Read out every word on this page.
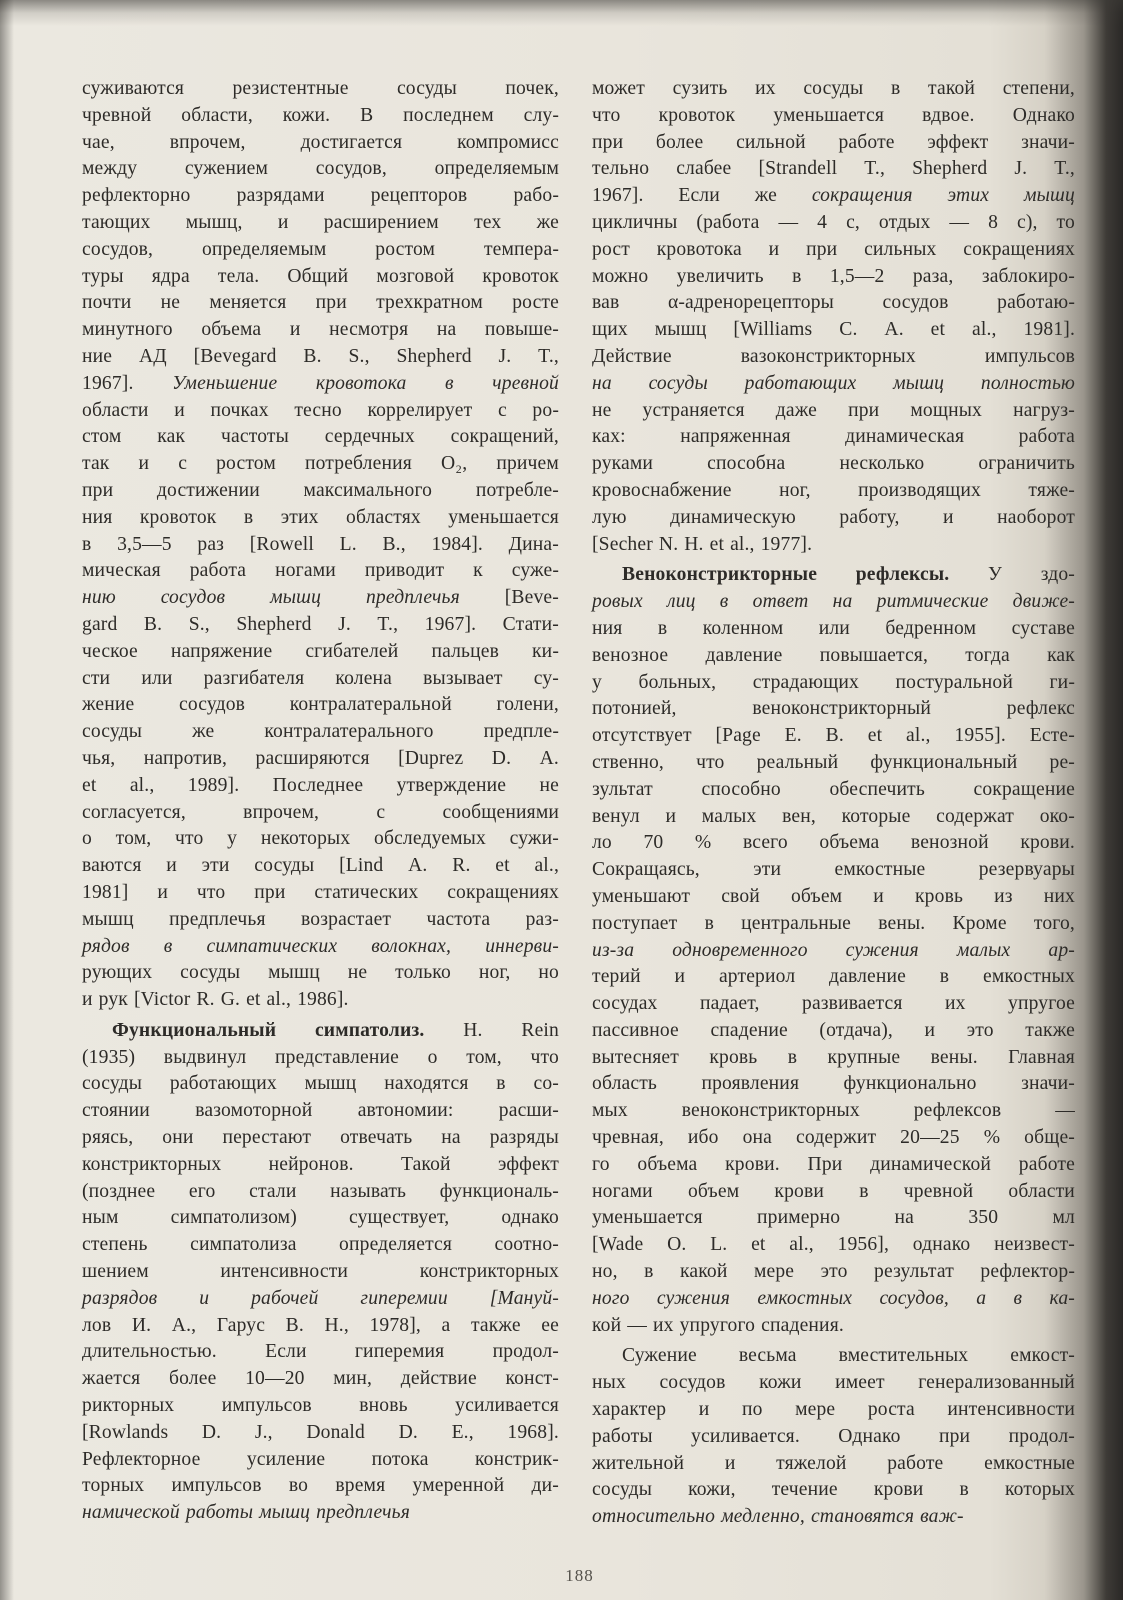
суживаются резистентные сосуды почек,
чревной области, кожи. В последнем слу-
чае,	впрочем,	достигается	компромисс
между сужением сосудов, определяемым
рефлекторно разрядами рецепторов рабо-
тающих мышц, и расширением тех же
сосудов, определяемым ростом темпера-
туры ядра тела. Общий мозговой кровоток
почти не меняется при трехкратном росте
минутного объема и несмотря на повыше-
ние АД [Bevegard B. S., Shepherd J. T.,
1967]. Уменьшение кровотока в чревной
области и почках тесно коррелирует с ро-
стом как частоты сердечных сокращений,
так и с ростом потребления O₂, причем
при достижении максимального потребле-
ния кровоток в этих областях уменьшается
в 3,5—5 раз [Rowell L. B., 1984]. Дина-
мическая работа ногами приводит к суже-
нию сосудов мышц предплечья [Beve-
gard B. S., Shepherd J. T., 1967]. Стати-
ческое напряжение сгибателей пальцев ки-
сти или разгибателя колена вызывает су-
жение сосудов контралатеральной голени,
сосуды	же	контралатерального	предпле-
чья, напротив, расширяются [Duprez D. A.
et al., 1989]. Последнее утверждение не
согласуется,	впрочем,	с	сообщениями
о том, что у некоторых обследуемых сужи-
ваются и эти сосуды [Lind A. R. et al.,
1981] и что при статических сокращениях
мышц предплечья возрастает частота раз-
рядов в симпатических волокнах, иннерви-
рующих сосуды мышц не только ног, но
и рук [Victor R. G. et al., 1986].
Функциональный симпатолиз. H. Rein
(1935) выдвинул представление о том, что
сосуды работающих мышц находятся в со-
стоянии вазомоторной автономии: расши-
ряясь, они перестают отвечать на разряды
констрикторных нейронов. Такой эффект
(позднее его стали называть функциональ-
ным	симпатолизом)	существует,	однако
степень симпатолиза определяется соотно-
шением	интенсивности	констрикторных
разрядов и рабочей гиперемии [Мануй-
лов И. А., Гарус В. Н., 1978], а также ее
длительностью. Если гиперемия продол-
жается более 10—20 мин, действие конст-
рикторных импульсов вновь усиливается
[Rowlands D. J., Donald D. E., 1968].
Рефлекторное усиление потока констрик-
торных импульсов во время умеренной ди-
намической работы мышц предплечья
может сузить их сосуды в такой степени,
что кровоток уменьшается вдвое. Однако
при более сильной работе эффект значи-
тельно слабее [Strandell T., Shepherd J. T.,
1967]. Если же сокращения этих мышц
цикличны (работа — 4 с, отдых — 8 с), то
рост кровотока и при сильных сокращениях
можно увеличить в 1,5—2 раза, заблокиро-
вав α-адренорецепторы сосудов работаю-
щих мышц [Williams C. A. et al., 1981].
Действие	вазоконстрикторных	импульсов
на сосуды работающих мышц полностью
не устраняется даже при мощных нагруз-
ках:	напряженная	динамическая	работа
руками	способна	несколько	ограничить
кровоснабжение ног, производящих тяже-
лую динамическую работу, и наоборот
[Secher N. H. et al., 1977].
Веноконстрикторные рефлексы. У здо-
ровых лиц в ответ на ритмические движе-
ния в коленном или бедренном суставе
венозное давление повышается, тогда как
у больных, страдающих постуральной ги-
потонией,	веноконстрикторный	рефлекс
отсутствует [Page E. B. et al., 1955]. Есте-
ственно, что реальный функциональный ре-
зультат способно обеспечить сокращение
венул и малых вен, которые содержат око-
ло 70 % всего объема венозной крови.
Сокращаясь,	эти	емкостные	резервуары
уменьшают свой объем и кровь из них
поступает в центральные вены. Кроме того,
из-за одновременного сужения малых ар-
терий и артериол давление в емкостных
сосудах падает, развивается их упругое
пассивное спадение (отдача), и это также
вытесняет кровь в крупные вены. Главная
область проявления функционально значи-
мых	веноконстрикторных	рефлексов	—
чревная, ибо она содержит 20—25 % обще-
го объема крови. При динамической работе
ногами объем крови в чревной области
уменьшается	примерно	на	350	мл
[Wade O. L. et al., 1956], однако неизвест-
но, в какой мере это результат рефлектор-
ного сужения емкостных сосудов, а в ка-
кой — их упругого спадения.
Сужение весьма вместительных емкост-
ных сосудов кожи имеет генерализованный
характер и по мере роста интенсивности
работы усиливается. Однако при продол-
жительной и тяжелой работе емкостные
сосуды кожи, течение крови в которых
относительно медленно, становятся важ-
188
